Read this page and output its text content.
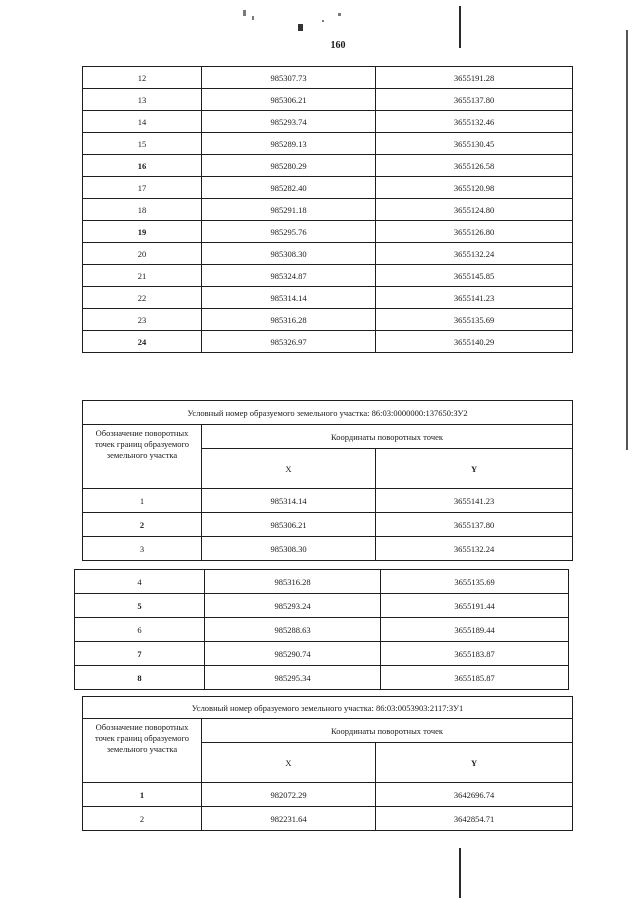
160
12	985307.73	3655191.28
13	985306.21	3655137.80
14	985293.74	3655132.46
15	985289.13	3655130.45
16	985280.29	3655126.58
17	985282.40	3655120.98
18	985291.18	3655124.80
19	985295.76	3655126.80
20	985308.30	3655132.24
21	985324.87	3655145.85
22	985314.14	3655141.23
23	985316.28	3655135.69
24	985326.97	3655140.29
Условный номер образуемого земельного участка: 86:03:0000000:137650:ЗУ2		
Обозначение поворотных точек границ образуемого земельного участка	Координаты поворотных точек	
	X	Y
1	985314.14	3655141.23
2	985306.21	3655137.80
3	985308.30	3655132.24
4	985316.28	3655135.69
5	985293.24	3655191.44
6	985288.63	3655189.44
7	985290.74	3655183.87
8	985295.34	3655185.87
Условный номер образуемого земельного участка: 86:03:0053903:2117:ЗУ1		
Обозначение поворотных точек границ образуемого земельного участка	Координаты поворотных точек	
	X	Y
1	982072.29	3642696.74
2	982231.64	3642854.71
